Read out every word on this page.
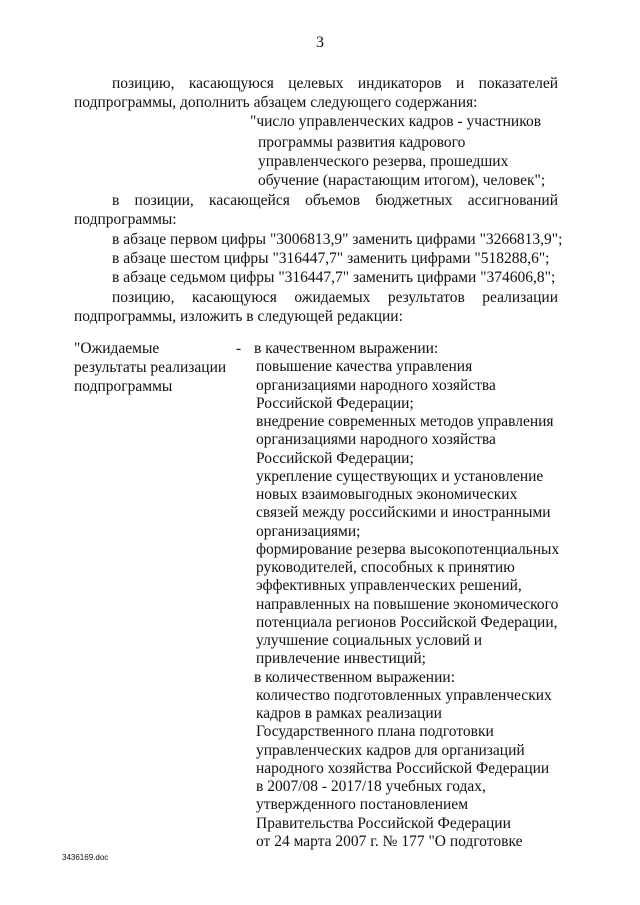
3
позицию, касающуюся целевых индикаторов и показателей
подпрограммы, дополнить абзацем следующего содержания:
"число управленческих кадров - участников
программы развития кадрового
управленческого резерва, прошедших
обучение (нарастающим итогом), человек";
в позиции, касающейся объемов бюджетных ассигнований
подпрограммы:
в абзаце первом цифры "3006813,9" заменить цифрами "3266813,9";
в абзаце шестом цифры "316447,7" заменить цифрами "518288,6";
в абзаце седьмом цифры "316447,7" заменить цифрами "374606,8";
позицию, касающуюся ожидаемых результатов реализации
подпрограммы, изложить в следующей редакции:
"Ожидаемые
результаты реализации
подпрограммы
- в качественном выражении:
повышение качества управления
организациями народного хозяйства
Российской Федерации;
внедрение современных методов управления
организациями народного хозяйства
Российской Федерации;
укрепление существующих и установление
новых взаимовыгодных экономических
связей между российскими и иностранными
организациями;
формирование резерва высокопотенциальных
руководителей, способных к принятию
эффективных управленческих решений,
направленных на повышение экономического
потенциала регионов Российской Федерации,
улучшение социальных условий и
привлечение инвестиций;
в количественном выражении:
количество подготовленных управленческих
кадров в рамках реализации
Государственного плана подготовки
управленческих кадров для организаций
народного хозяйства Российской Федерации
в 2007/08 - 2017/18 учебных годах,
утвержденного постановлением
Правительства Российской Федерации
от 24 марта 2007 г. № 177 "О подготовке
3436169.doc
